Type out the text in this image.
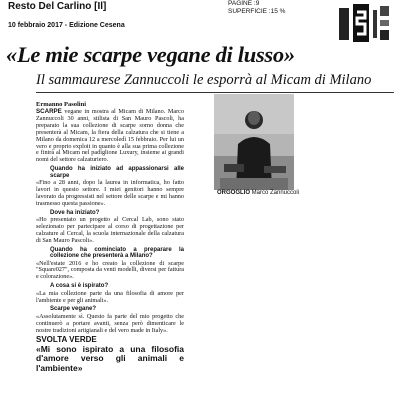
Resto Del Carlino [Il]	PAGINE :9
SUPERFICIE :15 %
10 febbraio 2017 - Edizione Cesena
«Le mie scarpe vegane di lusso»
Il sammaurese Zannuccoli le esporrà al Micam di Milano
Ermanno Pasolini

SCARPE vegane in mostra al Micam di Milano. Marco Zannuccoli 30 anni, stilista di San Mauro Pascoli, ha preparato la sua collezione di scarpe sorno donna che presenterà al Micam, la fiera della calzatura che si tiene a Milano da domenica 12 a mercoledì 15 febbraio. Per lui un vero e proprio exploit in quanto è alla sua prima collezione e finirà al Micam nel padiglione Luxury, insieme ai grandi nomi del settore calzaturiero.

Quando ha iniziato ad appassionarsi alle scarpe

«Fino a 28 anni, dopo la laurea in informatica, ho fatto lavori in questo settore. I miei genitori hanno sempre lavorato da progressisti nel settore delle scarpe e mi hanno trasmesso questa passione».

Dove ha iniziato?

«Ho presentato un progetto al Cercal Lab, sono stato selezionato per partecipare al corso di progettazione per calzature al Cercal, la scuola internazionale della calzatura di San Mauro Pascoli».

Quando ha cominciato a preparare la collezione che presenterà a Milano?

«Nell'estate 2016 e ho creato la collezione di scarpe "Square027", composta da venti modelli, diversi per fattura e colorazione».

A cosa si è ispirato?

«La mia collezione parte da una filosofia di amore per l'ambiente e per gli animali».

Scarpe vegane?

«Assolutamente sì. Questo fa parte del mio progetto che continuerò a portare avanti, senza però dimenticare le nostre tradizioni artigianali e del vero made in Italy».

SVOLTA VERDE
«Mi sono ispirato a una filosofia d'amore verso gli animali e l'ambiente»
ORGOGLIO Marco Zannuccoli
